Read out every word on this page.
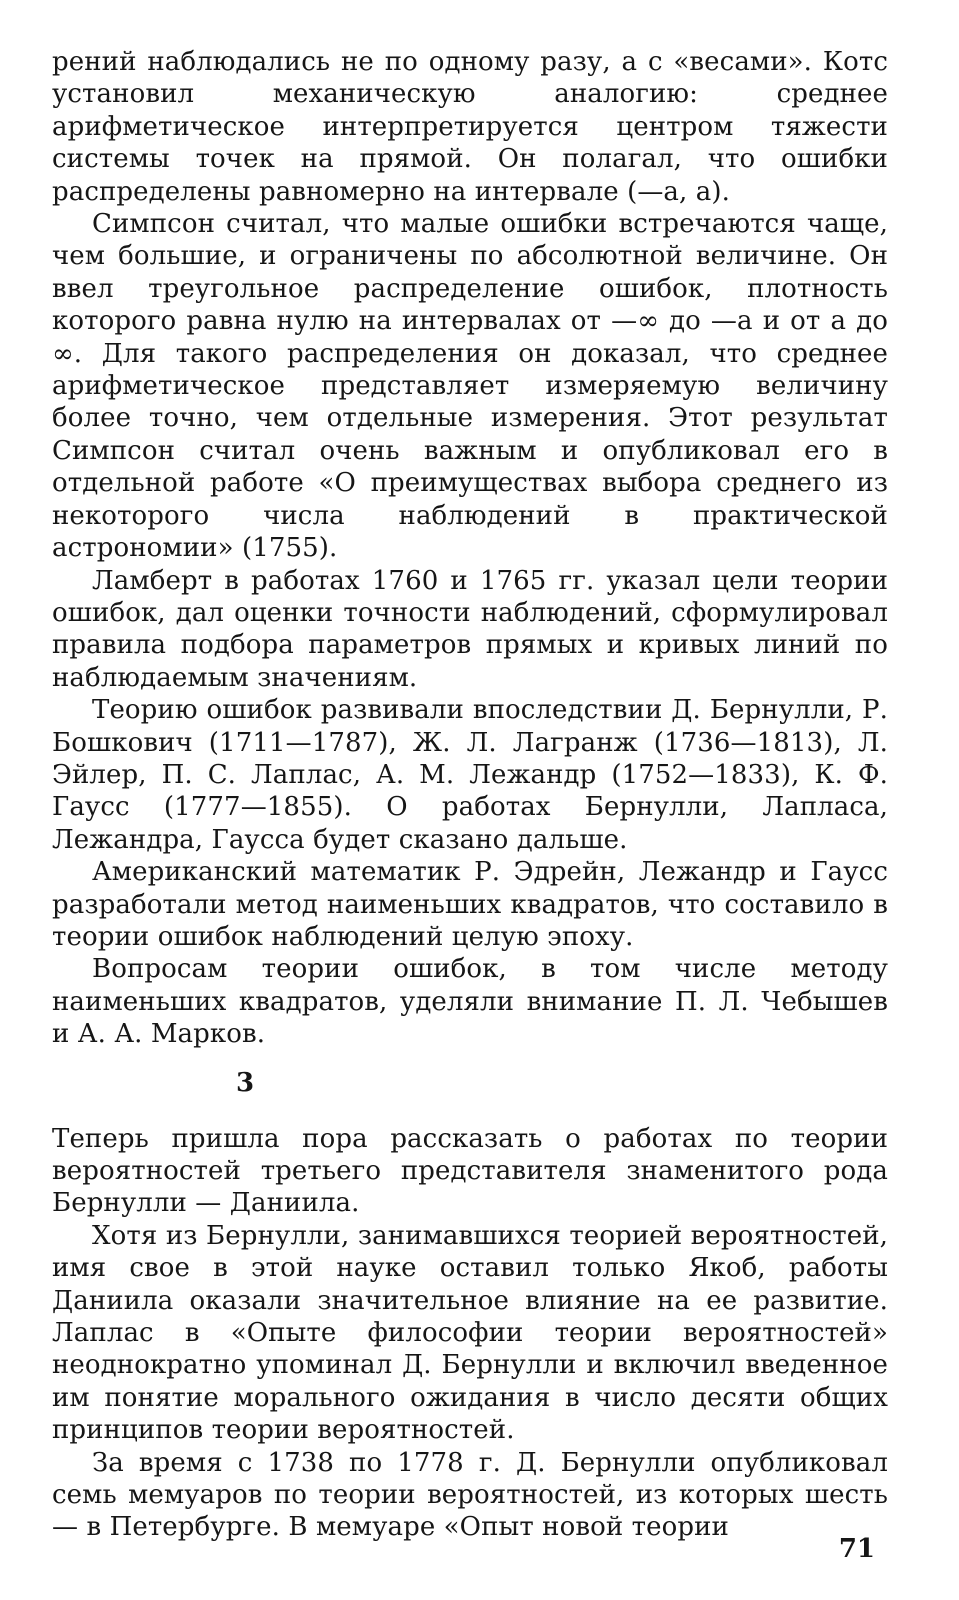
рений наблюдались не по одному разу, а с «весами». Котс установил механическую аналогию: среднее арифметическое интерпретируется центром тяжести системы точек на прямой. Он полагал, что ошибки распределены равномерно на интервале (—a, a).

Симпсон считал, что малые ошибки встречаются чаще, чем большие, и ограничены по абсолютной величине. Он ввел треугольное распределение ошибок, плотность которого равна нулю на интервалах от —∞ до —a и от a до ∞. Для такого распределения он доказал, что среднее арифметическое представляет измеряемую величину более точно, чем отдельные измерения. Этот результат Симпсон считал очень важным и опубликовал его в отдельной работе «О преимуществах выбора среднего из некоторого числа наблюдений в практической астрономии» (1755).

Ламберт в работах 1760 и 1765 гг. указал цели теории ошибок, дал оценки точности наблюдений, сформулировал правила подбора параметров прямых и кривых линий по наблюдаемым значениям.

Теорию ошибок развивали впоследствии Д. Бернулли, Р. Бошкович (1711—1787), Ж. Л. Лагранж (1736—1813), Л. Эйлер, П. С. Лаплас, А. М. Лежандр (1752—1833), К. Ф. Гаусс (1777—1855). О работах Бернулли, Лапласа, Лежандра, Гаусса будет сказано дальше.

Американский математик Р. Эдрейн, Лежандр и Гаусс разработали метод наименьших квадратов, что составило в теории ошибок наблюдений целую эпоху.

Вопросам теории ошибок, в том числе методу наименьших квадратов, уделяли внимание П. Л. Чебышев и А. А. Марков.

3

Теперь пришла пора рассказать о работах по теории вероятностей третьего представителя знаменитого рода Бернулли — Даниила.

Хотя из Бернулли, занимавшихся теорией вероятностей, имя свое в этой науке оставил только Якоб, работы Даниила оказали значительное влияние на ее развитие. Лаплас в «Опыте философии теории вероятностей» неоднократно упоминал Д. Бернулли и включил введенное им понятие морального ожидания в число десяти общих принципов теории вероятностей.

За время с 1738 по 1778 г. Д. Бернулли опубликовал семь мемуаров по теории вероятностей, из которых шесть — в Петербурге. В мемуаре «Опыт новой теории

71
